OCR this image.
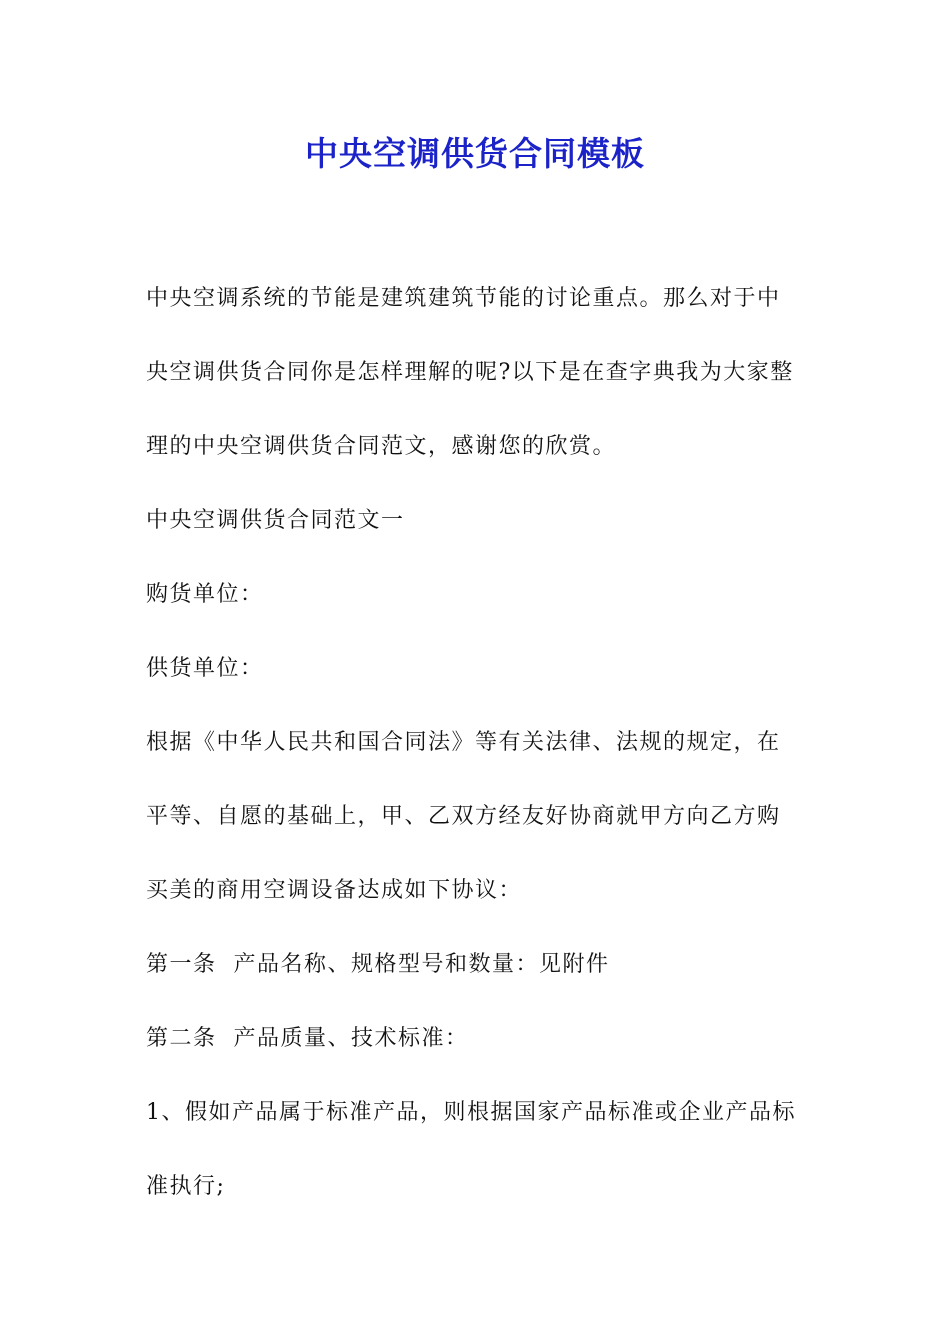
中央空调供货合同模板

中央空调系统的节能是建筑建筑节能的讨论重点。那么对于中
央空调供货合同你是怎样理解的呢?以下是在查字典我为大家整
理的中央空调供货合同范文，感谢您的欣赏。

中央空调供货合同范文一

购货单位：

供货单位：

根据《中华人民共和国合同法》等有关法律、法规的规定，在
平等、自愿的基础上，甲、乙双方经友好协商就甲方向乙方购
买美的商用空调设备达成如下协议：

第一条  产品名称、规格型号和数量：见附件

第二条  产品质量、技术标准：

1、假如产品属于标准产品，则根据国家产品标准或企业产品标
准执行;
